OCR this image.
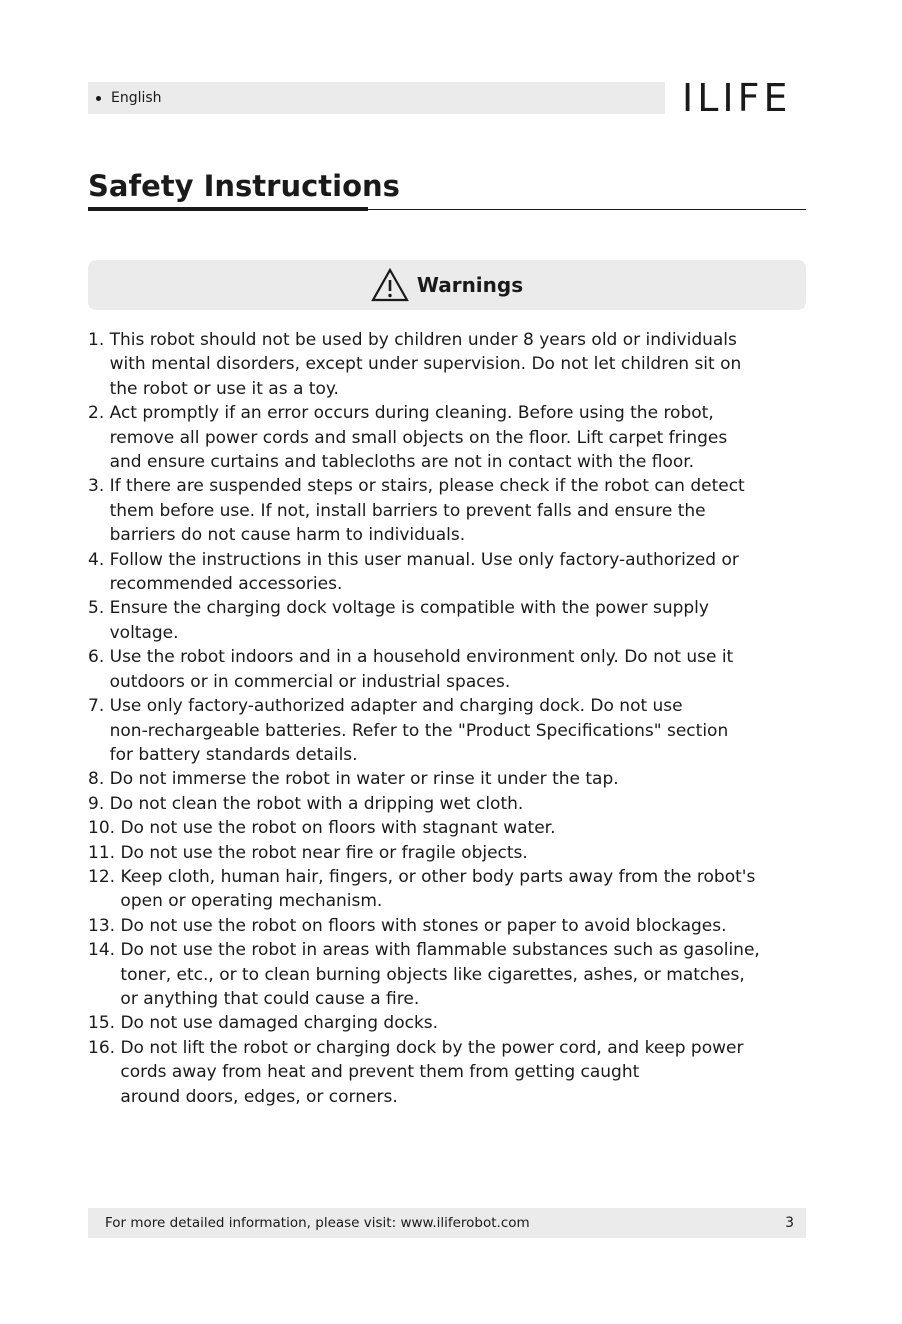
English	ILIFE
Safety Instructions
Warnings
1. This robot should not be used by children under 8 years old or individuals
with mental disorders, except under supervision. Do not let children sit on
the robot or use it as a toy.
2. Act promptly if an error occurs during cleaning. Before using the robot,
remove all power cords and small objects on the floor. Lift carpet fringes
and ensure curtains and tablecloths are not in contact with the floor.
3. If there are suspended steps or stairs, please check if the robot can detect
them before use. If not, install barriers to prevent falls and ensure the
barriers do not cause harm to individuals.
4. Follow the instructions in this user manual. Use only factory-authorized or
recommended accessories.
5. Ensure the charging dock voltage is compatible with the power supply
voltage.
6. Use the robot indoors and in a household environment only. Do not use it
outdoors or in commercial or industrial spaces.
7. Use only factory-authorized adapter and charging dock. Do not use
non-rechargeable batteries. Refer to the "Product Specifications" section
for battery standards details.
8. Do not immerse the robot in water or rinse it under the tap.
9. Do not clean the robot with a dripping wet cloth.
10. Do not use the robot on floors with stagnant water.
11. Do not use the robot near fire or fragile objects.
12. Keep cloth, human hair, fingers, or other body parts away from the robot's
open or operating mechanism.
13. Do not use the robot on floors with stones or paper to avoid blockages.
14. Do not use the robot in areas with flammable substances such as gasoline,
toner, etc., or to clean burning objects like cigarettes, ashes, or matches,
or anything that could cause a fire.
15. Do not use damaged charging docks.
16. Do not lift the robot or charging dock by the power cord, and keep power
cords away from heat and prevent them from getting caught
around doors, edges, or corners.
For more detailed information, please visit: www.iliferobot.com	3
